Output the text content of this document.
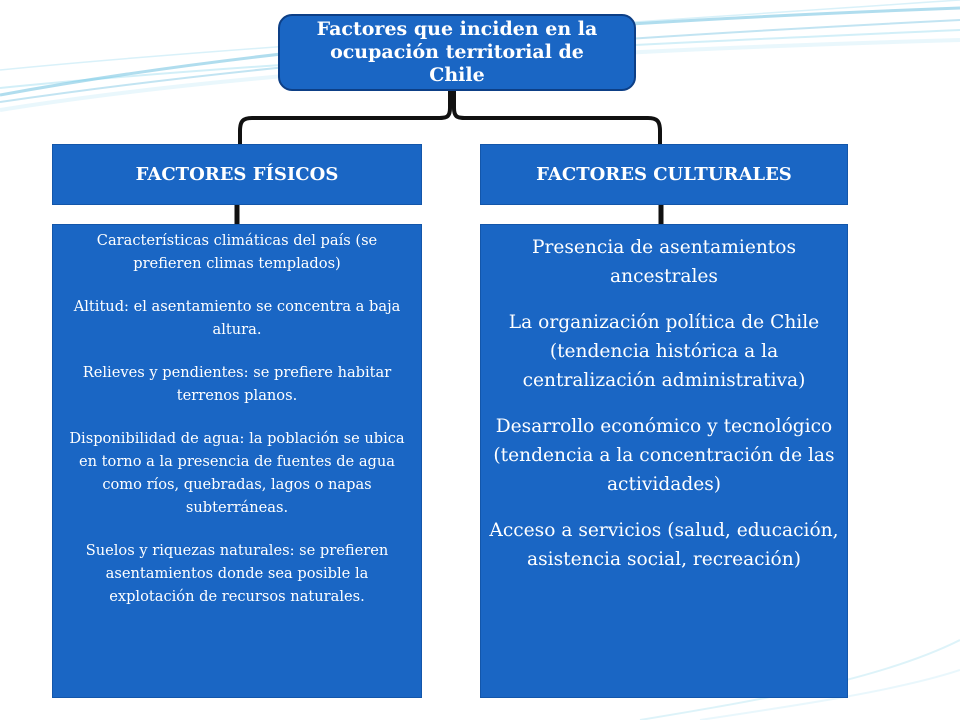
Factores que inciden en la
ocupación territorial de
Chile
FACTORES FÍSICOS	FACTORES CULTURALES

Características climáticas del país (se prefieren climas templados)

Altitud: el asentamiento se concentra a baja altura.

Relieves y pendientes: se prefiere habitar terrenos planos.

Disponibilidad de agua: la población se ubica en torno a la presencia de fuentes de agua como ríos, quebradas, lagos o napas subterráneas.

Suelos y riquezas naturales: se prefieren asentamientos donde sea posible la explotación de recursos naturales.

Presencia de asentamientos ancestrales

La organización política de Chile (tendencia histórica a la centralización administrativa)

Desarrollo económico y tecnológico (tendencia a la concentración de las actividades)

Acceso a servicios (salud, educación, asistencia social, recreación)
